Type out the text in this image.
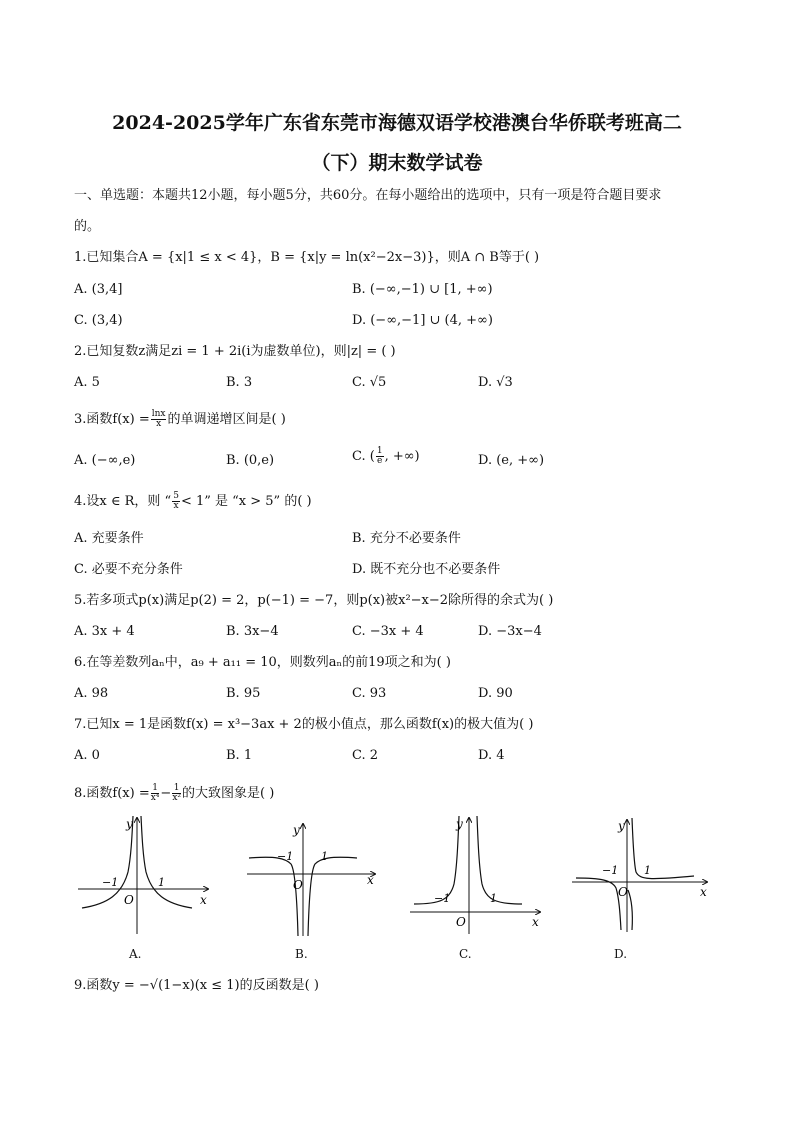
2024-2025学年广东省东莞市海德双语学校港澳台华侨联考班高二
（下）期末数学试卷
一、单选题：本题共12小题，每小题5分，共60分。在每小题给出的选项中，只有一项是符合题目要求
的。
1.已知集合A = {x|1 ≤ x < 4}，B = {x|y = ln(x²−2x−3)}，则A ∩ B等于( )
A. (3,4]	B. (−∞,−1) ∪ [1, +∞)
C. (3,4)	D. (−∞,−1] ∪ (4, +∞)
2.已知复数z满足zi = 1 + 2i(i为虚数单位)，则|z| = ( )
A. 5	B. 3	C. √5	D. √3
3.函数$f(x) = \frac{\ln x}{x}$ 的单调递增区间是( )
A. (−∞,e)	B. (0,e)	C. ( $\frac{1}{e}$ , +∞)	D. (e, +∞)
4.设x ∈ R，则 “ $\frac{5}{x} < 1$” 是 “x > 5” 的( )
A. 充要条件	B. 充分不必要条件
C. 必要不充分条件	D. 既不充分也不必要条件
5.若多项式p(x)满足p(2) = 2，p(−1) = −7，则p(x)被x²−x−2除所得的余式为( )
A. 3x + 4	B. 3x−4	C. −3x + 4	D. −3x−4
6.在等差数列aₙ中，a₉ + a₁₁ = 10，则数列aₙ的前19项之和为( )
A. 98	B. 95	C. 93	D. 90
7.已知x = 1是函数f(x) = x³−3ax + 2的极小值点，那么函数f(x)的极大值为( )
A. 0	B. 1	C. 2	D. 4
8.函数$f(x) = \frac{1}{\text{x⁴}} - \frac{1}{\text{x²}}$ 的大致图象是( )
y
x
O
−1	1
A.
y
x
O
−1	1
B.
y
x
O
−1	1
C.
y
x
O
−1 1
D.
9.函数y = −√(1−x)(x ≤ 1)的反函数是( )
